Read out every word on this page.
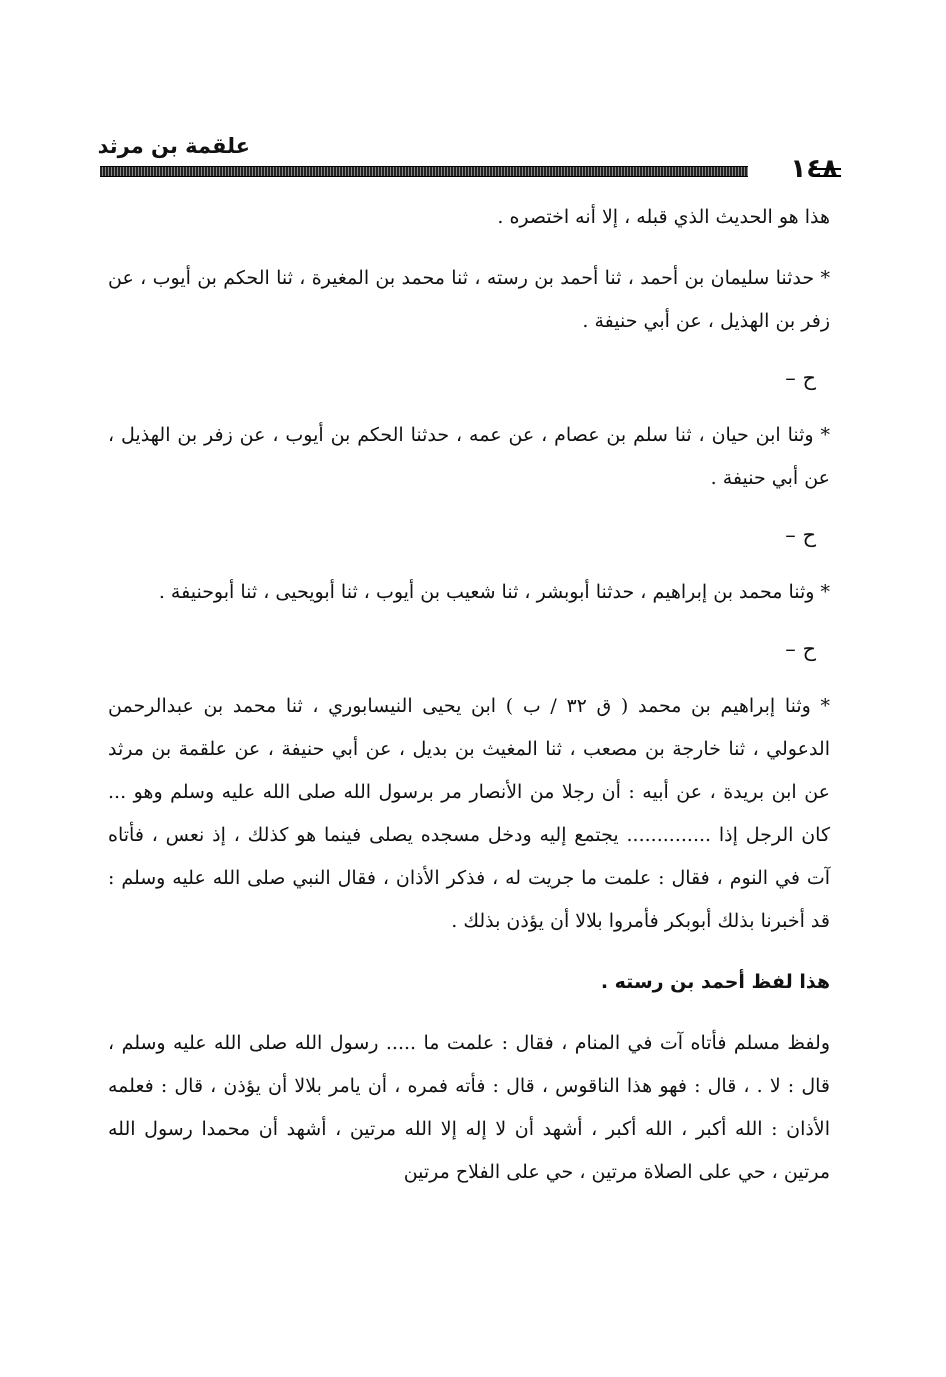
علقمة بن مرثد
١٤٨

هذا هو الحديث الذي قبله ، إلا أنه اختصره .

* حدثنا سليمان بن أحمد ، ثنا أحمد بن رسته ، ثنا محمد بن المغيرة ، ثنا الحكم بن أيوب ، عن زفر بن الهذيل ، عن أبي حنيفة .

ح –

* وثنا ابن حيان ، ثنا سلم بن عصام ، عن عمه ، حدثنا الحكم بن أيوب ، عن زفر بن الهذيل ، عن أبي حنيفة .

ح –

* وثنا محمد بن إبراهيم ، حدثنا أبوبشر ، ثنا شعيب بن أيوب ، ثنا أبويحيى ، ثنا أبوحنيفة .

ح –

* وثنا إبراهيم بن محمد ( ق ٣٢ / ب ) ابن يحيى النيسابوري ، ثنا محمد بن عبدالرحمن الدعولي ، ثنا خارجة بن مصعب ، ثنا المغيث بن بديل ، عن أبي حنيفة ، عن علقمة بن مرثد عن ابن بريدة ، عن أبيه : أن رجلا من الأنصار مر برسول الله صلى الله عليه وسلم وهو ... كان الرجل إذا .............. يجتمع إليه ودخل مسجده يصلى فينما هو كذلك ، إذ نعس ، فأتاه آت في النوم ، فقال : علمت ما جريت له ، فذكر الأذان ، فقال النبي صلى الله عليه وسلم : قد أخبرنا بذلك أبوبكر فأمروا بلالا أن يؤذن بذلك .

هذا لفظ أحمد بن رسته .

ولفظ مسلم فأتاه آت في المنام ، فقال : علمت ما ..... رسول الله صلى الله عليه وسلم ، قال : لا . ، قال : فهو هذا الناقوس ، قال : فأته فمره ، أن يامر بلالا أن يؤذن ، قال : فعلمه الأذان : الله أكبر ، الله أكبر ، أشهد أن لا إله إلا الله مرتين ، أشهد أن محمدا رسول الله مرتين ، حي على الصلاة مرتين ، حي على الفلاح مرتين
